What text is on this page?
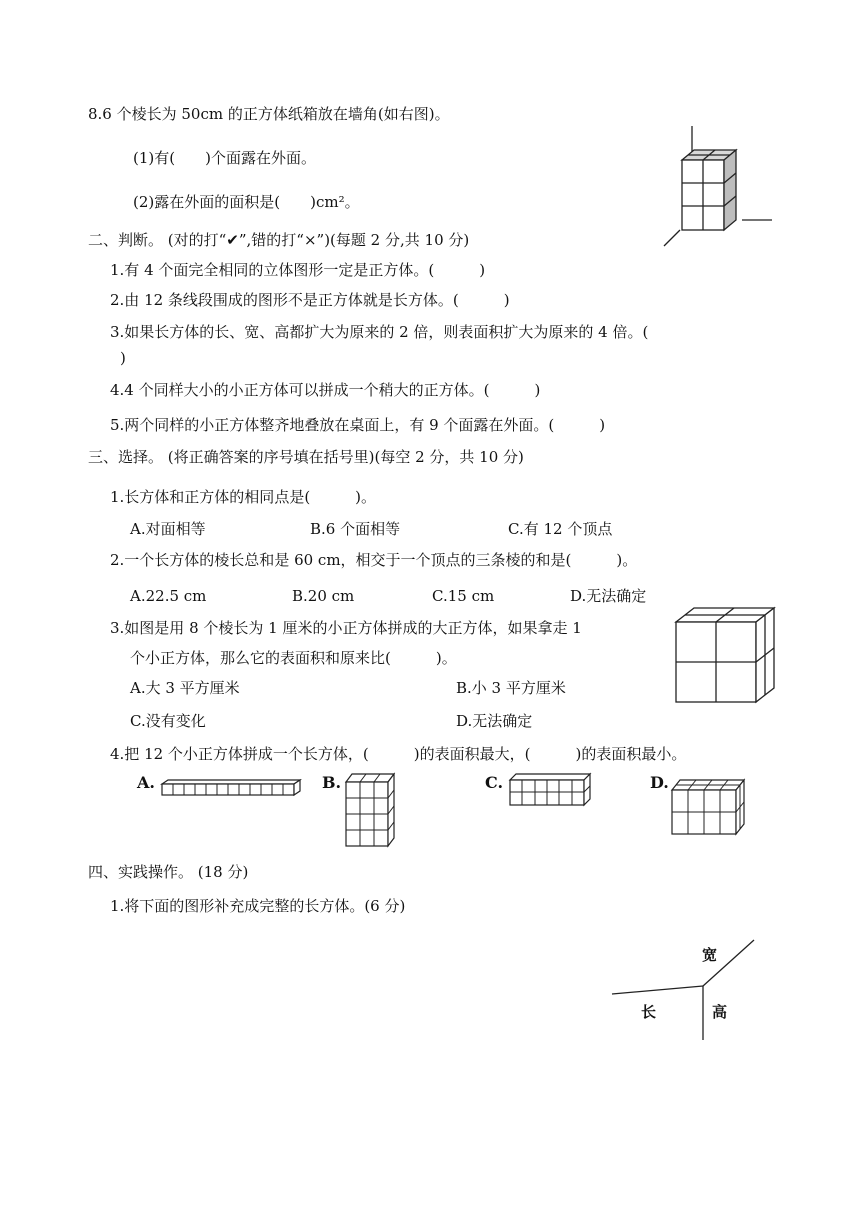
8.6 个棱长为 50cm 的正方体纸箱放在墙角(如右图)。
(1)有(　　)个面露在外面。
(2)露在外面的面积是(　　)cm²。
二、判断。 (对的打“✔”,错的打“×”)(每题 2 分,共 10 分)
1.有 4 个面完全相同的立体图形一定是正方体。(　　　)
2.由 12 条线段围成的图形不是正方体就是长方体。(　　　)
3.如果长方体的长、宽、高都扩大为原来的 2 倍，则表面积扩大为原来的 4 倍。(
)
4.4 个同样大小的小正方体可以拼成一个稍大的正方体。(　　　)
5.两个同样的小正方体整齐地叠放在桌面上，有 9 个面露在外面。(　　　)
三、选择。 (将正确答案的序号填在括号里)(每空 2 分，共 10 分)
1.长方体和正方体的相同点是(　　　)。
A.对面相等	B.6 个面相等	C.有 12 个顶点
2.一个长方体的棱长总和是 60 cm，相交于一个顶点的三条棱的和是(　　　)。
A.22.5 cm	B.20 cm	C.15 cm	D.无法确定
3.如图是用 8 个棱长为 1 厘米的小正方体拼成的大正方体，如果拿走 1
个小正方体，那么它的表面积和原来比(　　　)。
A.大 3 平方厘米	B.小 3 平方厘米
C.没有变化	D.无法确定
4.把 12 个小正方体拼成一个长方体，(　　　)的表面积最大，(　　　)的表面积最小。
A.	B.	C.	D.
四、实践操作。 (18 分)
1.将下面的图形补充成完整的长方体。(6 分)
宽
长	高
